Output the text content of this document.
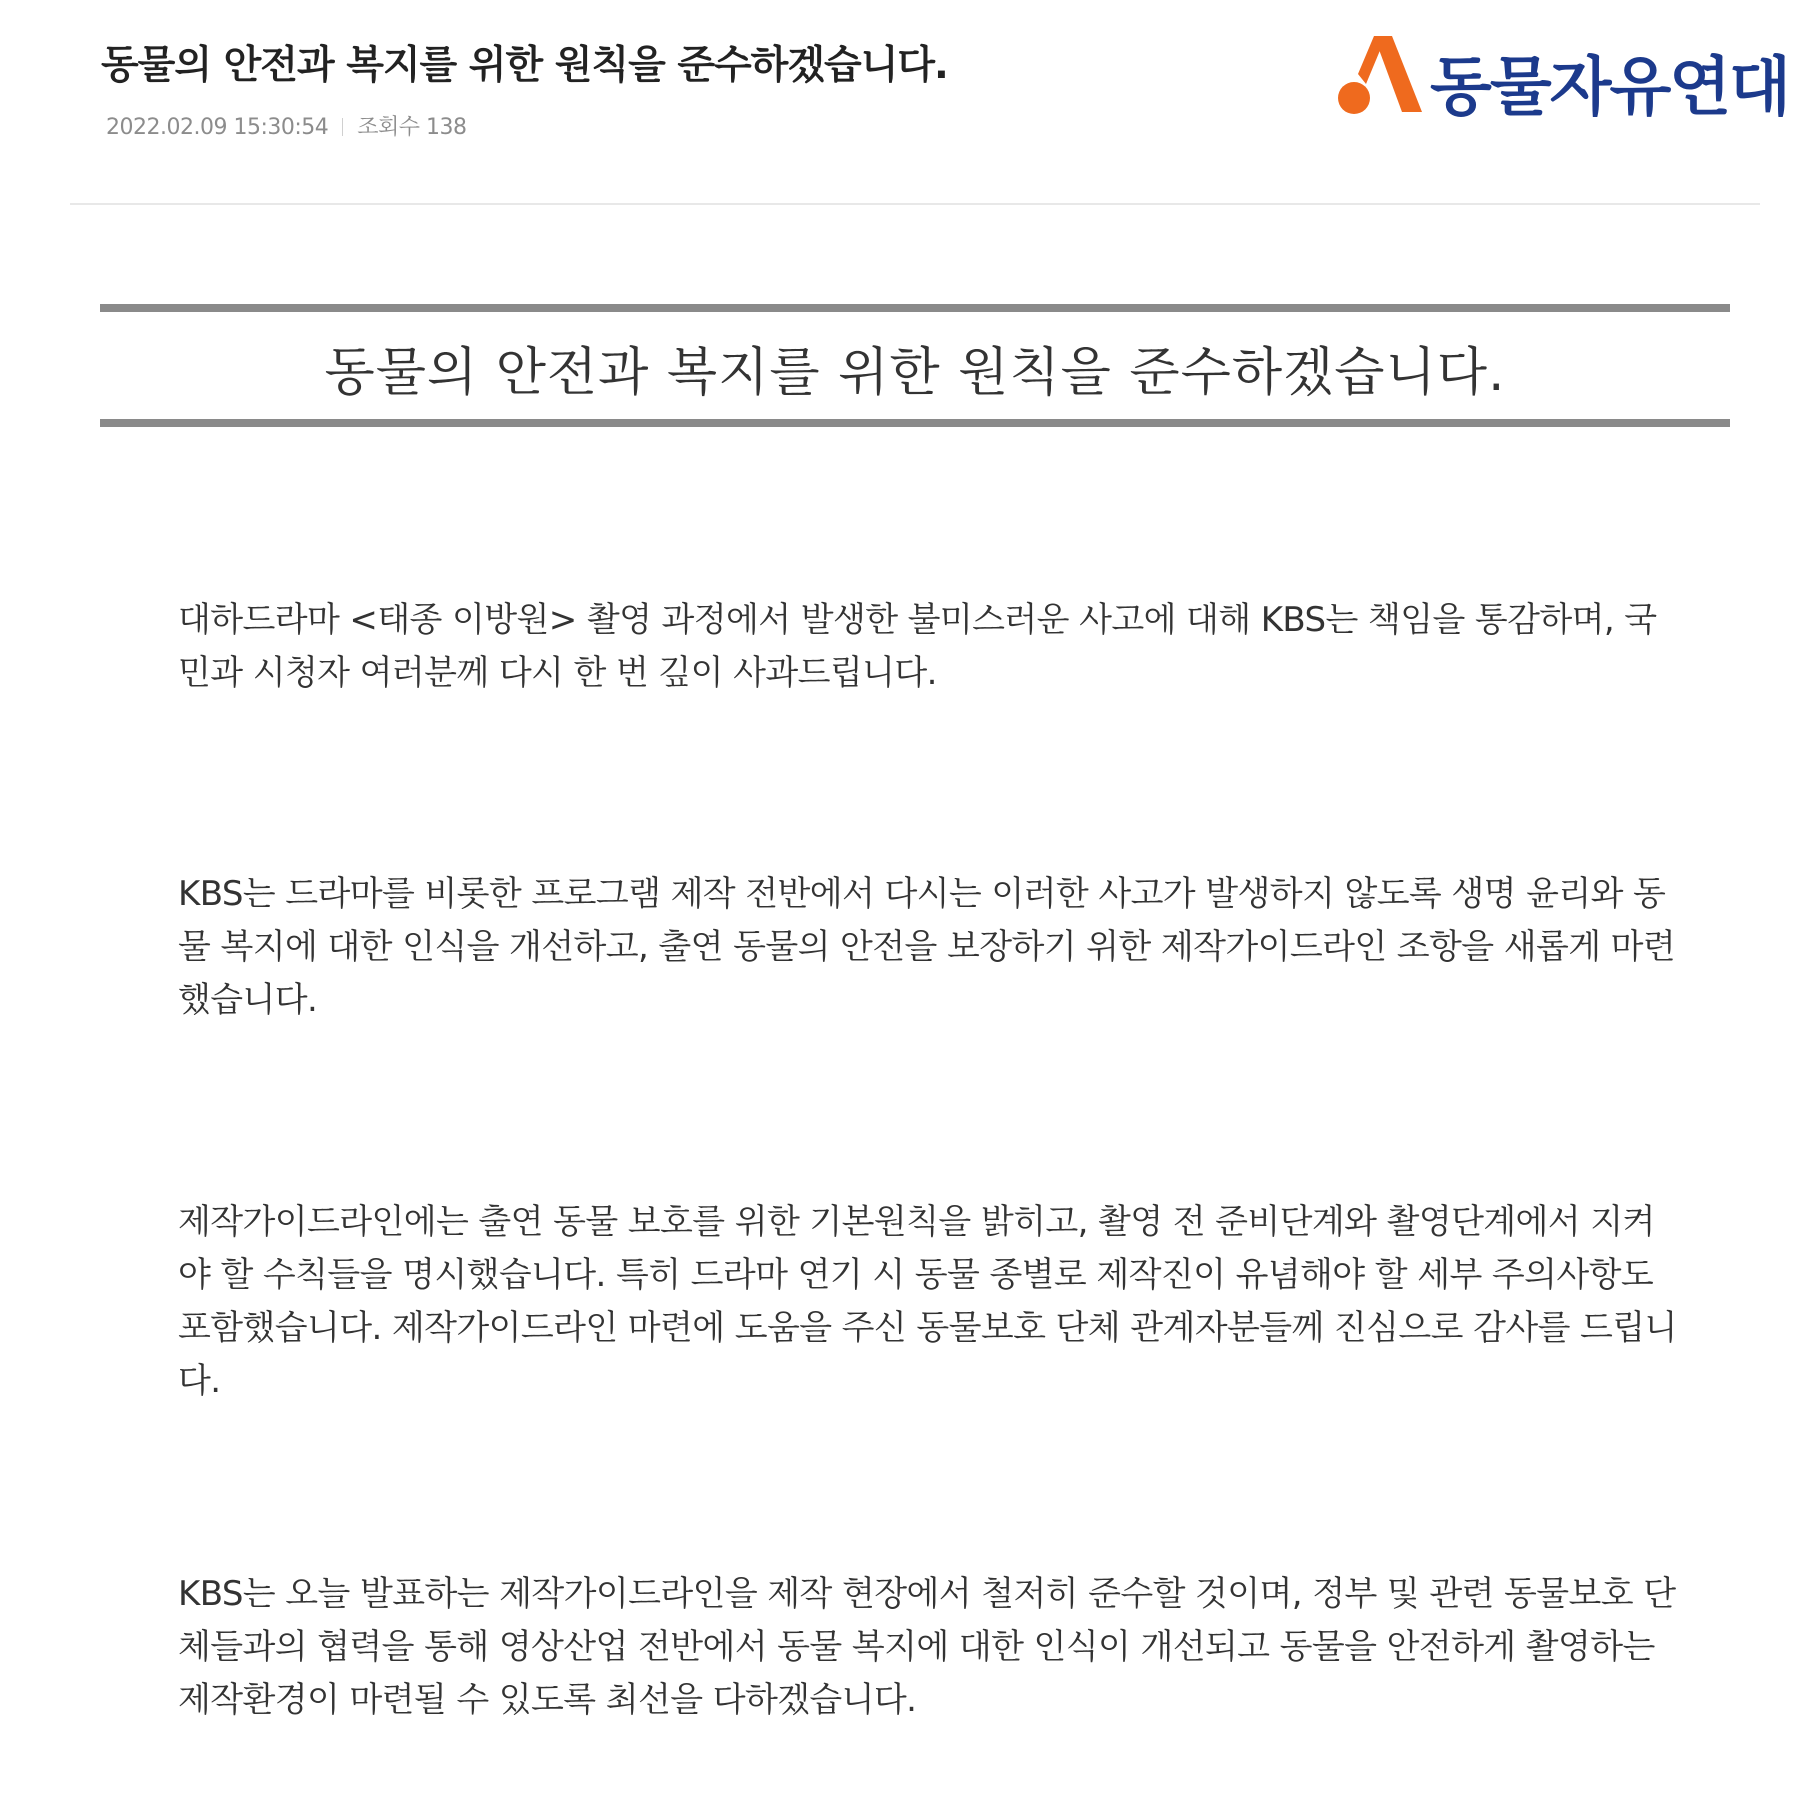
동물의 안전과 복지를 위한 원칙을 준수하겠습니다.
2022.02.09 15:30:54 조회수 138
동물자유연대
동물의 안전과 복지를 위한 원칙을 준수하겠습니다.

대하드라마 <태종 이방원> 촬영 과정에서 발생한 불미스러운 사고에 대해 KBS는 책임을 통감하며, 국민과 시청자 여러분께 다시 한 번 깊이 사과드립니다.

KBS는 드라마를 비롯한 프로그램 제작 전반에서 다시는 이러한 사고가 발생하지 않도록 생명 윤리와 동물 복지에 대한 인식을 개선하고, 출연 동물의 안전을 보장하기 위한 제작가이드라인 조항을 새롭게 마련했습니다.

제작가이드라인에는 출연 동물 보호를 위한 기본원칙을 밝히고, 촬영 전 준비단계와 촬영단계에서 지켜야 할 수칙들을 명시했습니다. 특히 드라마 연기 시 동물 종별로 제작진이 유념해야 할 세부 주의사항도 포함했습니다. 제작가이드라인 마련에 도움을 주신 동물보호 단체 관계자분들께 진심으로 감사를 드립니다.

KBS는 오늘 발표하는 제작가이드라인을 제작 현장에서 철저히 준수할 것이며, 정부 및 관련 동물보호 단체들과의 협력을 통해 영상산업 전반에서 동물 복지에 대한 인식이 개선되고 동물을 안전하게 촬영하는 제작환경이 마련될 수 있도록 최선을 다하겠습니다.
